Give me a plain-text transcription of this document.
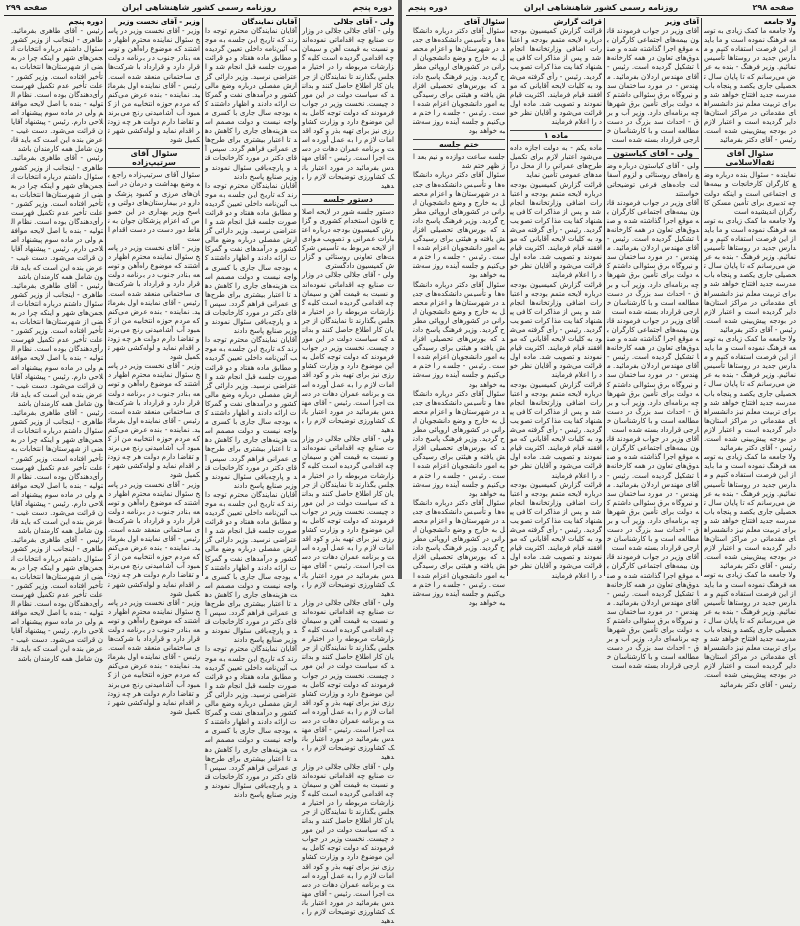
دوره پنجم
روزنامه رسمی کشور شاهنشاهی ایران
صفحه ۲۹۹
ولی - آقای جلالی

ولی - آقای جلالی جلالی در وزارت صنایع چه اقداماتی نموده‌اند و نسبت به قیمت آهن و سیمان چه اقدامی گردیده است کلیه گزارشات مربوطه را در اختیار مجلس بگذارند تا نمایندگان از جریان کار اطلاع حاصل کنند و بدانند که سیاست دولت در این مورد چیست. نخست وزیر در جواب فرمودند که دولت توجه کامل به این موضوع دارد و وزارت کشاورزی نیز برای تهیه بذر و کود اقدامات لازم را به عمل آورده است و برنامه عمران دهات در دست اجرا است. رئیس - آقای مهندس بفرمائید در مورد اعتبار بانک کشاورزی توضیحات لازم را بدهید

دستور جلسه

دستور جلسه شور در لایحه اصلاح قانون استخدام کشوری و گزارش کمیسیون بودجه درباره اعتبارات عمرانی و تصویب موادی از لایحه مربوط به تأسیس شرکت‌های تعاونی روستائی و گزارش کمیسیون دادگستری

ولی - آقای جلالی جلالی در وزارت صنایع چه اقداماتی نموده‌اند و نسبت به قیمت آهن و سیمان چه اقدامی گردیده است کلیه گزارشات مربوطه را در اختیار مجلس بگذارند تا نمایندگان از جریان کار اطلاع حاصل کنند و بدانند که سیاست دولت در این مورد چیست. نخست وزیر در جواب فرمودند که دولت توجه کامل به این موضوع دارد و وزارت کشاورزی نیز برای تهیه بذر و کود اقدامات لازم را به عمل آورده است و برنامه عمران دهات در دست اجرا است. رئیس - آقای مهندس بفرمائید در مورد اعتبار بانک کشاورزی توضیحات لازم را بدهید

ولی - آقای جلالی جلالی در وزارت صنایع چه اقداماتی نموده‌اند و نسبت به قیمت آهن و سیمان چه اقدامی گردیده است کلیه گزارشات مربوطه را در اختیار مجلس بگذارند تا نمایندگان از جریان کار اطلاع حاصل کنند و بدانند که سیاست دولت در این مورد چیست. نخست وزیر در جواب فرمودند که دولت توجه کامل به این موضوع دارد و وزارت کشاورزی نیز برای تهیه بذر و کود اقدامات لازم را به عمل آورده است و برنامه عمران دهات در دست اجرا است. رئیس - آقای مهندس بفرمائید در مورد اعتبار بانک کشاورزی توضیحات لازم را بدهید

ولی - آقای جلالی جلالی در وزارت صنایع چه اقداماتی نموده‌اند و نسبت به قیمت آهن و سیمان چه اقدامی گردیده است کلیه گزارشات مربوطه را در اختیار مجلس بگذارند تا نمایندگان از جریان کار اطلاع حاصل کنند و بدانند که سیاست دولت در این مورد چیست. نخست وزیر در جواب فرمودند که دولت توجه کامل به این موضوع دارد و وزارت کشاورزی نیز برای تهیه بذر و کود اقدامات لازم را به عمل آورده است و برنامه عمران دهات در دست اجرا است. رئیس - آقای مهندس بفرمائید در مورد اعتبار بانک کشاورزی توضیحات لازم را بدهید

ولی - آقای جلالی جلالی در وزارت صنایع چه اقداماتی نموده‌اند و نسبت به قیمت آهن و سیمان چه اقدامی گردیده است کلیه گزارشات مربوطه را در اختیار مجلس بگذارند تا نمایندگان از جریان کار اطلاع حاصل کنند و بدانند که سیاست دولت در این مورد چیست. نخست وزیر در جواب فرمودند که دولت توجه کامل به این موضوع دارد و وزارت کشاورزی نیز برای تهیه بذر و کود اقدامات لازم را به عمل آورده است و برنامه عمران دهات در دست اجرا است. رئیس - آقای مهندس بفرمائید در مورد اعتبار بانک کشاورزی توضیحات لازم را بدهید

آقایان نمایندگان

آقایان نمایندگان محترم توجه دارند که تاریخ این جلسه به موجب آئین‌نامه داخلی تعیین گردیده و مطابق ماده هفتاد و دو قرائت صورت جلسه قبل انجام شد و اعتراضی نرسید. وزیر دارائی گزارش مفصلی درباره وضع مالی کشور و درآمدهای نفت و گمرکات ارائه دادند و اظهار داشتند که بودجه سال جاری با کسری مواجه نیست و دولت مصمم است هزینه‌های جاری را کاهش دهد تا اعتبار بیشتری برای طرح‌های عمرانی فراهم گردد. سپس آقای دکتر در مورد کارخانجات قند و پارچه‌بافی سئوال نمودند و وزیر صنایع پاسخ دادند

آقایان نمایندگان محترم توجه دارند که تاریخ این جلسه به موجب آئین‌نامه داخلی تعیین گردیده و مطابق ماده هفتاد و دو قرائت صورت جلسه قبل انجام شد و اعتراضی نرسید. وزیر دارائی گزارش مفصلی درباره وضع مالی کشور و درآمدهای نفت و گمرکات ارائه دادند و اظهار داشتند که بودجه سال جاری با کسری مواجه نیست و دولت مصمم است هزینه‌های جاری را کاهش دهد تا اعتبار بیشتری برای طرح‌های عمرانی فراهم گردد. سپس آقای دکتر در مورد کارخانجات قند و پارچه‌بافی سئوال نمودند و وزیر صنایع پاسخ دادند

آقایان نمایندگان محترم توجه دارند که تاریخ این جلسه به موجب آئین‌نامه داخلی تعیین گردیده و مطابق ماده هفتاد و دو قرائت صورت جلسه قبل انجام شد و اعتراضی نرسید. وزیر دارائی گزارش مفصلی درباره وضع مالی کشور و درآمدهای نفت و گمرکات ارائه دادند و اظهار داشتند که بودجه سال جاری با کسری مواجه نیست و دولت مصمم است هزینه‌های جاری را کاهش دهد تا اعتبار بیشتری برای طرح‌های عمرانی فراهم گردد. سپس آقای دکتر در مورد کارخانجات قند و پارچه‌بافی سئوال نمودند و وزیر صنایع پاسخ دادند

آقایان نمایندگان محترم توجه دارند که تاریخ این جلسه به موجب آئین‌نامه داخلی تعیین گردیده و مطابق ماده هفتاد و دو قرائت صورت جلسه قبل انجام شد و اعتراضی نرسید. وزیر دارائی گزارش مفصلی درباره وضع مالی کشور و درآمدهای نفت و گمرکات ارائه دادند و اظهار داشتند که بودجه سال جاری با کسری مواجه نیست و دولت مصمم است هزینه‌های جاری را کاهش دهد تا اعتبار بیشتری برای طرح‌های عمرانی فراهم گردد. سپس آقای دکتر در مورد کارخانجات قند و پارچه‌بافی سئوال نمودند و وزیر صنایع پاسخ دادند

آقایان نمایندگان محترم توجه دارند که تاریخ این جلسه به موجب آئین‌نامه داخلی تعیین گردیده و مطابق ماده هفتاد و دو قرائت صورت جلسه قبل انجام شد و اعتراضی نرسید. وزیر دارائی گزارش مفصلی درباره وضع مالی کشور و درآمدهای نفت و گمرکات ارائه دادند و اظهار داشتند که بودجه سال جاری با کسری مواجه نیست و دولت مصمم است هزینه‌های جاری را کاهش دهد تا اعتبار بیشتری برای طرح‌های عمرانی فراهم گردد. سپس آقای دکتر در مورد کارخانجات قند و پارچه‌بافی سئوال نمودند و وزیر صنایع پاسخ دادند

وزیر - آقای نخست وزیر

وزیر - آقای نخست وزیر در پاسخ سئوال نماینده محترم اظهار داشتند که موضوع راه‌آهن و توسعه بنادر جنوب در برنامه دولت قرار دارد و قرارداد با شرکت‌های ساختمانی منعقد شده است. رئیس - آقای نماینده اول بفرمائید. نماینده - بنده عرض می‌کنم که مردم حوزه انتخابیه من از کمبود آب آشامیدنی رنج می‌برند و تقاضا دارم دولت هر چه زودتر اقدام نماید و لوله‌کشی شهر تکمیل شود

سئوال آقای سرتیپ‌زاده

سئوال آقای سرتیپ‌زاده راجع به وضع بهداشت و درمان در استان‌های مرزی و کمبود پزشک و دارو در بیمارستان‌های دولتی و پاسخ وزیر بهداری در این خصوص که اعزام پزشکان جوان به نقاط دور دست در دست اقدام است

وزیر - آقای نخست وزیر در پاسخ سئوال نماینده محترم اظهار داشتند که موضوع راه‌آهن و توسعه بنادر جنوب در برنامه دولت قرار دارد و قرارداد با شرکت‌های ساختمانی منعقد شده است. رئیس - آقای نماینده اول بفرمائید. نماینده - بنده عرض می‌کنم که مردم حوزه انتخابیه من از کمبود آب آشامیدنی رنج می‌برند و تقاضا دارم دولت هر چه زودتر اقدام نماید و لوله‌کشی شهر تکمیل شود

وزیر - آقای نخست وزیر در پاسخ سئوال نماینده محترم اظهار داشتند که موضوع راه‌آهن و توسعه بنادر جنوب در برنامه دولت قرار دارد و قرارداد با شرکت‌های ساختمانی منعقد شده است. رئیس - آقای نماینده اول بفرمائید. نماینده - بنده عرض می‌کنم که مردم حوزه انتخابیه من از کمبود آب آشامیدنی رنج می‌برند و تقاضا دارم دولت هر چه زودتر اقدام نماید و لوله‌کشی شهر تکمیل شود

وزیر - آقای نخست وزیر در پاسخ سئوال نماینده محترم اظهار داشتند که موضوع راه‌آهن و توسعه بنادر جنوب در برنامه دولت قرار دارد و قرارداد با شرکت‌های ساختمانی منعقد شده است. رئیس - آقای نماینده اول بفرمائید. نماینده - بنده عرض می‌کنم که مردم حوزه انتخابیه من از کمبود آب آشامیدنی رنج می‌برند و تقاضا دارم دولت هر چه زودتر اقدام نماید و لوله‌کشی شهر تکمیل شود

وزیر - آقای نخست وزیر در پاسخ سئوال نماینده محترم اظهار داشتند که موضوع راه‌آهن و توسعه بنادر جنوب در برنامه دولت قرار دارد و قرارداد با شرکت‌های ساختمانی منعقد شده است. رئیس - آقای نماینده اول بفرمائید. نماینده - بنده عرض می‌کنم که مردم حوزه انتخابیه من از کمبود آب آشامیدنی رنج می‌برند و تقاضا دارم دولت هر چه زودتر اقدام نماید و لوله‌کشی شهر تکمیل شود

دوره پنجم

رئیس - آقای طاهری بفرمائید. طاهری - اینجانب از وزیر کشور سئوال داشتم درباره انتخابات انجمن‌های شهر و اینکه چرا در بعضی از شهرستان‌ها انتخابات به تأخیر افتاده است. وزیر کشور - علت تأخیر عدم تکمیل فهرست رأی‌دهندگان بوده است. نظام التولیه - بنده با اصل لایحه موافقم ولی در ماده سوم پیشنهاد اصلاحی دارم. رئیس - پیشنهاد آقایان قرائت می‌شود. دست غیب - عرض بنده این است که باید قانون شامل همه کارمندان باشد

رئیس - آقای طاهری بفرمائید. طاهری - اینجانب از وزیر کشور سئوال داشتم درباره انتخابات انجمن‌های شهر و اینکه چرا در بعضی از شهرستان‌ها انتخابات به تأخیر افتاده است. وزیر کشور - علت تأخیر عدم تکمیل فهرست رأی‌دهندگان بوده است. نظام التولیه - بنده با اصل لایحه موافقم ولی در ماده سوم پیشنهاد اصلاحی دارم. رئیس - پیشنهاد آقایان قرائت می‌شود. دست غیب - عرض بنده این است که باید قانون شامل همه کارمندان باشد

رئیس - آقای طاهری بفرمائید. طاهری - اینجانب از وزیر کشور سئوال داشتم درباره انتخابات انجمن‌های شهر و اینکه چرا در بعضی از شهرستان‌ها انتخابات به تأخیر افتاده است. وزیر کشور - علت تأخیر عدم تکمیل فهرست رأی‌دهندگان بوده است. نظام التولیه - بنده با اصل لایحه موافقم ولی در ماده سوم پیشنهاد اصلاحی دارم. رئیس - پیشنهاد آقایان قرائت می‌شود. دست غیب - عرض بنده این است که باید قانون شامل همه کارمندان باشد

رئیس - آقای طاهری بفرمائید. طاهری - اینجانب از وزیر کشور سئوال داشتم درباره انتخابات انجمن‌های شهر و اینکه چرا در بعضی از شهرستان‌ها انتخابات به تأخیر افتاده است. وزیر کشور - علت تأخیر عدم تکمیل فهرست رأی‌دهندگان بوده است. نظام التولیه - بنده با اصل لایحه موافقم ولی در ماده سوم پیشنهاد اصلاحی دارم. رئیس - پیشنهاد آقایان قرائت می‌شود. دست غیب - عرض بنده این است که باید قانون شامل همه کارمندان باشد

رئیس - آقای طاهری بفرمائید. طاهری - اینجانب از وزیر کشور سئوال داشتم درباره انتخابات انجمن‌های شهر و اینکه چرا در بعضی از شهرستان‌ها انتخابات به تأخیر افتاده است. وزیر کشور - علت تأخیر عدم تکمیل فهرست رأی‌دهندگان بوده است. نظام التولیه - بنده با اصل لایحه موافقم ولی در ماده سوم پیشنهاد اصلاحی دارم. رئیس - پیشنهاد آقایان قرائت می‌شود. دست غیب - عرض بنده این است که باید قانون شامل همه کارمندان باشد

صفحه ۲۹۸
روزنامه رسمی کشور شاهنشاهی ایران
دوره پنجم
ولا جامعه

ولا جامعه ما کمک زیادی به توسعه فرهنگ نموده است و ما باید از این فرصت استفاده کنیم و مدارس جدید در روستاها تأسیس نمائیم. وزیر فرهنگ - بنده به عرض می‌رسانم که تا پایان سال تحصیلی جاری یکصد و پنجاه باب مدرسه جدید افتتاح خواهد شد و برای تربیت معلم نیز دانشسراهای مقدماتی در مراکز استان‌ها دایر گردیده است و اعتبار لازم در بودجه پیش‌بینی شده است. رئیس - آقای دکتر بفرمائید

سئوال آقای ثقه‌الاسلامی

نماینده - سئوال بنده درباره وضع کارگران کارخانجات و بیمه‌های اجتماعی است و اینکه دولت چه تدبیری برای تأمین مسکن کارگران اندیشیده است

ولا جامعه ما کمک زیادی به توسعه فرهنگ نموده است و ما باید از این فرصت استفاده کنیم و مدارس جدید در روستاها تأسیس نمائیم. وزیر فرهنگ - بنده به عرض می‌رسانم که تا پایان سال تحصیلی جاری یکصد و پنجاه باب مدرسه جدید افتتاح خواهد شد و برای تربیت معلم نیز دانشسراهای مقدماتی در مراکز استان‌ها دایر گردیده است و اعتبار لازم در بودجه پیش‌بینی شده است. رئیس - آقای دکتر بفرمائید

ولا جامعه ما کمک زیادی به توسعه فرهنگ نموده است و ما باید از این فرصت استفاده کنیم و مدارس جدید در روستاها تأسیس نمائیم. وزیر فرهنگ - بنده به عرض می‌رسانم که تا پایان سال تحصیلی جاری یکصد و پنجاه باب مدرسه جدید افتتاح خواهد شد و برای تربیت معلم نیز دانشسراهای مقدماتی در مراکز استان‌ها دایر گردیده است و اعتبار لازم در بودجه پیش‌بینی شده است. رئیس - آقای دکتر بفرمائید

ولا جامعه ما کمک زیادی به توسعه فرهنگ نموده است و ما باید از این فرصت استفاده کنیم و مدارس جدید در روستاها تأسیس نمائیم. وزیر فرهنگ - بنده به عرض می‌رسانم که تا پایان سال تحصیلی جاری یکصد و پنجاه باب مدرسه جدید افتتاح خواهد شد و برای تربیت معلم نیز دانشسراهای مقدماتی در مراکز استان‌ها دایر گردیده است و اعتبار لازم در بودجه پیش‌بینی شده است. رئیس - آقای دکتر بفرمائید

ولا جامعه ما کمک زیادی به توسعه فرهنگ نموده است و ما باید از این فرصت استفاده کنیم و مدارس جدید در روستاها تأسیس نمائیم. وزیر فرهنگ - بنده به عرض می‌رسانم که تا پایان سال تحصیلی جاری یکصد و پنجاه باب مدرسه جدید افتتاح خواهد شد و برای تربیت معلم نیز دانشسراهای مقدماتی در مراکز استان‌ها دایر گردیده است و اعتبار لازم در بودجه پیش‌بینی شده است. رئیس - آقای دکتر بفرمائید

آقای وزیر

آقای وزیر در جواب فرمودند قانون بیمه‌های اجتماعی کارگران به موقع اجرا گذاشته شده و صندوق‌های تعاون در همه کارخانه‌ها تشکیل گردیده است. رئیس - آقای مهندس اردلان بفرمائید. مهندس - در مورد ساختمان سد و نیروگاه برق سئوالی داشتم که دولت برای تأمین برق شهرها چه برنامه‌ای دارد. وزیر آب و برق - احداث سد بزرگ در دست مطالعه است و با کارشناسان خارجی قرارداد بسته شده است

ولی - آقای کیاستون

ولی - آقای کیاستون درباره وضع راه‌های روستائی و لزوم آسفالت جاده‌های فرعی توضیحاتی خواستند

آقای وزیر در جواب فرمودند قانون بیمه‌های اجتماعی کارگران به موقع اجرا گذاشته شده و صندوق‌های تعاون در همه کارخانه‌ها تشکیل گردیده است. رئیس - آقای مهندس اردلان بفرمائید. مهندس - در مورد ساختمان سد و نیروگاه برق سئوالی داشتم که دولت برای تأمین برق شهرها چه برنامه‌ای دارد. وزیر آب و برق - احداث سد بزرگ در دست مطالعه است و با کارشناسان خارجی قرارداد بسته شده است

آقای وزیر در جواب فرمودند قانون بیمه‌های اجتماعی کارگران به موقع اجرا گذاشته شده و صندوق‌های تعاون در همه کارخانه‌ها تشکیل گردیده است. رئیس - آقای مهندس اردلان بفرمائید. مهندس - در مورد ساختمان سد و نیروگاه برق سئوالی داشتم که دولت برای تأمین برق شهرها چه برنامه‌ای دارد. وزیر آب و برق - احداث سد بزرگ در دست مطالعه است و با کارشناسان خارجی قرارداد بسته شده است

آقای وزیر در جواب فرمودند قانون بیمه‌های اجتماعی کارگران به موقع اجرا گذاشته شده و صندوق‌های تعاون در همه کارخانه‌ها تشکیل گردیده است. رئیس - آقای مهندس اردلان بفرمائید. مهندس - در مورد ساختمان سد و نیروگاه برق سئوالی داشتم که دولت برای تأمین برق شهرها چه برنامه‌ای دارد. وزیر آب و برق - احداث سد بزرگ در دست مطالعه است و با کارشناسان خارجی قرارداد بسته شده است

آقای وزیر در جواب فرمودند قانون بیمه‌های اجتماعی کارگران به موقع اجرا گذاشته شده و صندوق‌های تعاون در همه کارخانه‌ها تشکیل گردیده است. رئیس - آقای مهندس اردلان بفرمائید. مهندس - در مورد ساختمان سد و نیروگاه برق سئوالی داشتم که دولت برای تأمین برق شهرها چه برنامه‌ای دارد. وزیر آب و برق - احداث سد بزرگ در دست مطالعه است و با کارشناسان خارجی قرارداد بسته شده است

قرائت گزارش

قرائت گزارش کمیسیون بودجه درباره لایحه متمم بودجه و اعتبارات اضافی وزارتخانه‌ها انجام شد و پس از مذاکرات کافی پیشنهاد کفایت مذاکرات تصویب گردید. رئیس - رأی گرفته می‌شود به کلیات لایحه آقایانی که موافقند قیام فرمایند. اکثریت قیام نمودند و تصویب شد. ماده اول قرائت می‌شود و آقایان نظر خود را اعلام فرمایند

ماده ۱

ماده یکم - به دولت اجازه داده می‌شود اعتبار لازم برای تکمیل طرح‌های عمرانی را از محل درآمدهای عمومی تأمین نماید

قرائت گزارش کمیسیون بودجه درباره لایحه متمم بودجه و اعتبارات اضافی وزارتخانه‌ها انجام شد و پس از مذاکرات کافی پیشنهاد کفایت مذاکرات تصویب گردید. رئیس - رأی گرفته می‌شود به کلیات لایحه آقایانی که موافقند قیام فرمایند. اکثریت قیام نمودند و تصویب شد. ماده اول قرائت می‌شود و آقایان نظر خود را اعلام فرمایند

قرائت گزارش کمیسیون بودجه درباره لایحه متمم بودجه و اعتبارات اضافی وزارتخانه‌ها انجام شد و پس از مذاکرات کافی پیشنهاد کفایت مذاکرات تصویب گردید. رئیس - رأی گرفته می‌شود به کلیات لایحه آقایانی که موافقند قیام فرمایند. اکثریت قیام نمودند و تصویب شد. ماده اول قرائت می‌شود و آقایان نظر خود را اعلام فرمایند

قرائت گزارش کمیسیون بودجه درباره لایحه متمم بودجه و اعتبارات اضافی وزارتخانه‌ها انجام شد و پس از مذاکرات کافی پیشنهاد کفایت مذاکرات تصویب گردید. رئیس - رأی گرفته می‌شود به کلیات لایحه آقایانی که موافقند قیام فرمایند. اکثریت قیام نمودند و تصویب شد. ماده اول قرائت می‌شود و آقایان نظر خود را اعلام فرمایند

قرائت گزارش کمیسیون بودجه درباره لایحه متمم بودجه و اعتبارات اضافی وزارتخانه‌ها انجام شد و پس از مذاکرات کافی پیشنهاد کفایت مذاکرات تصویب گردید. رئیس - رأی گرفته می‌شود به کلیات لایحه آقایانی که موافقند قیام فرمایند. اکثریت قیام نمودند و تصویب شد. ماده اول قرائت می‌شود و آقایان نظر خود را اعلام فرمایند

سئوال آقای

سئوال آقای دکتر درباره دانشگاه‌ها و تأسیس دانشکده‌های جدید در شهرستان‌ها و اعزام محصل به خارج و وضع دانشجویان ایرانی در کشورهای اروپائی مطرح گردید. وزیر فرهنگ پاسخ دادند که بورس‌های تحصیلی افزایش یافته و هیئتی برای رسیدگی به امور دانشجویان اعزام شده است. رئیس - جلسه را ختم می‌کنیم و جلسه آینده روز سه‌شنبه خواهد بود

ختم جلسه

جلسه ساعت دوازده و نیم بعد از ظهر ختم شد

سئوال آقای دکتر درباره دانشگاه‌ها و تأسیس دانشکده‌های جدید در شهرستان‌ها و اعزام محصل به خارج و وضع دانشجویان ایرانی در کشورهای اروپائی مطرح گردید. وزیر فرهنگ پاسخ دادند که بورس‌های تحصیلی افزایش یافته و هیئتی برای رسیدگی به امور دانشجویان اعزام شده است. رئیس - جلسه را ختم می‌کنیم و جلسه آینده روز سه‌شنبه خواهد بود

سئوال آقای دکتر درباره دانشگاه‌ها و تأسیس دانشکده‌های جدید در شهرستان‌ها و اعزام محصل به خارج و وضع دانشجویان ایرانی در کشورهای اروپائی مطرح گردید. وزیر فرهنگ پاسخ دادند که بورس‌های تحصیلی افزایش یافته و هیئتی برای رسیدگی به امور دانشجویان اعزام شده است. رئیس - جلسه را ختم می‌کنیم و جلسه آینده روز سه‌شنبه خواهد بود

سئوال آقای دکتر درباره دانشگاه‌ها و تأسیس دانشکده‌های جدید در شهرستان‌ها و اعزام محصل به خارج و وضع دانشجویان ایرانی در کشورهای اروپائی مطرح گردید. وزیر فرهنگ پاسخ دادند که بورس‌های تحصیلی افزایش یافته و هیئتی برای رسیدگی به امور دانشجویان اعزام شده است. رئیس - جلسه را ختم می‌کنیم و جلسه آینده روز سه‌شنبه خواهد بود

سئوال آقای دکتر درباره دانشگاه‌ها و تأسیس دانشکده‌های جدید در شهرستان‌ها و اعزام محصل به خارج و وضع دانشجویان ایرانی در کشورهای اروپائی مطرح گردید. وزیر فرهنگ پاسخ دادند که بورس‌های تحصیلی افزایش یافته و هیئتی برای رسیدگی به امور دانشجویان اعزام شده است. رئیس - جلسه را ختم می‌کنیم و جلسه آینده روز سه‌شنبه خواهد بود
